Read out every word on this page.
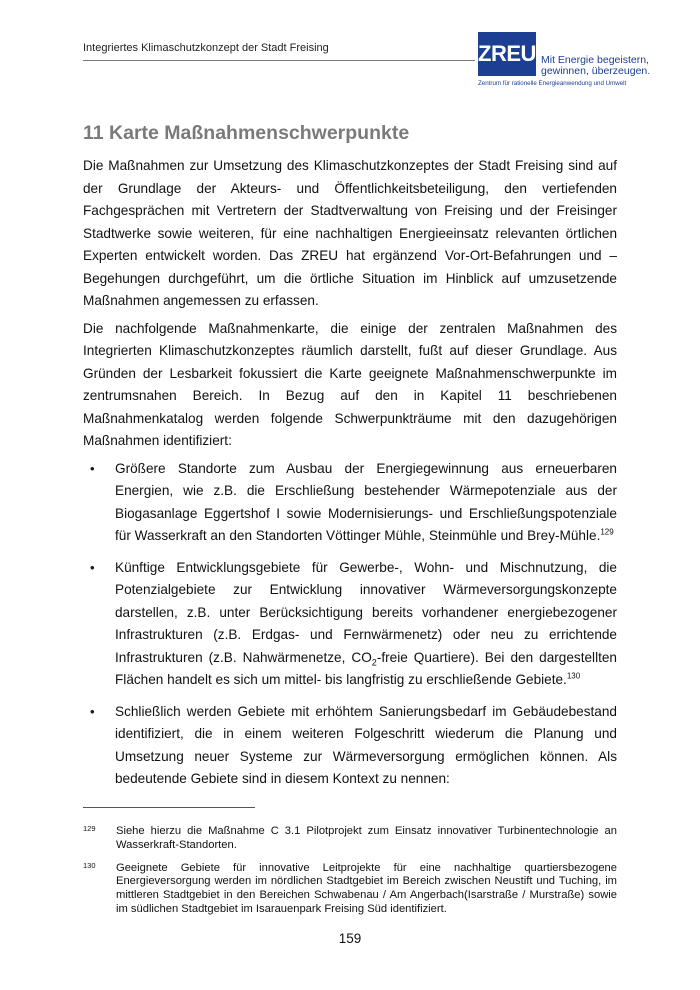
Integriertes Klimaschutzkonzept der Stadt Freising	ZREU Mit Energie begeistern,
gewinnen, überzeugen.
Zentrum für rationelle Energieanwendung und Umwelt
11 Karte Maßnahmenschwerpunkte

Die Maßnahmen zur Umsetzung des Klimaschutzkonzeptes der Stadt Freising sind auf der Grundlage der Akteurs- und Öffentlichkeitsbeteiligung, den vertiefenden Fachgesprächen mit Vertretern der Stadtverwaltung von Freising und der Freisinger Stadtwerke sowie weiteren, für eine nachhaltigen Energieeinsatz relevanten örtlichen Experten entwickelt worden. Das ZREU hat ergänzend Vor-Ort-Befahrungen und –Begehungen durchgeführt, um die örtliche Situation im Hinblick auf umzusetzende Maßnahmen angemessen zu erfassen.

Die nachfolgende Maßnahmenkarte, die einige der zentralen Maßnahmen des Integrierten Klimaschutzkonzeptes räumlich darstellt, fußt auf dieser Grundlage. Aus Gründen der Lesbarkeit fokussiert die Karte geeignete Maßnahmenschwerpunkte im zentrumsnahen Bereich. In Bezug auf den in Kapitel 11 beschriebenen Maßnahmenkatalog werden folgende Schwerpunkträume mit den dazugehörigen Maßnahmen identifiziert:

• Größere Standorte zum Ausbau der Energiegewinnung aus erneuerbaren Energien, wie z.B. die Erschließung bestehender Wärmepotenziale aus der Biogasanlage Eggertshof I sowie Modernisierungs- und Erschließungspotenziale für Wasserkraft an den Standorten Vöttinger Mühle, Steinmühle und Brey-Mühle.$^{129}$
• Künftige Entwicklungsgebiete für Gewerbe-, Wohn- und Mischnutzung, die Potenzialgebiete zur Entwicklung innovativer Wärmeversorgungskonzepte darstellen, z.B. unter Berücksichtigung bereits vorhandener energiebezogener Infrastrukturen (z.B. Erdgas- und Fernwärmenetz) oder neu zu errichtende Infrastrukturen (z.B. Nahwärmenetze, $CO_2$-freie Quartiere). Bei den dargestellten Flächen handelt es sich um mittel- bis langfristig zu erschließende Gebiete.$^{130}$
• Schließlich werden Gebiete mit erhöhtem Sanierungsbedarf im Gebäudebestand identifiziert, die in einem weiteren Folgeschritt wiederum die Planung und Umsetzung neuer Systeme zur Wärmeversorgung ermöglichen können. Als bedeutende Gebiete sind in diesem Kontext zu nennen:
129 Siehe hierzu die Maßnahme C 3.1 Pilotprojekt zum Einsatz innovativer Turbinentechnologie an Wasserkraft-Standorten.
130 Geeignete Gebiete für innovative Leitprojekte für eine nachhaltige quartiersbezogene Energieversorgung werden im nördlichen Stadtgebiet im Bereich zwischen Neustift und Tuching, im mittleren Stadtgebiet in den Bereichen Schwabenau / Am Angerbach(Isarstraße / Murstraße) sowie im südlichen Stadtgebiet im Isarauenpark Freising Süd identifiziert.
159
